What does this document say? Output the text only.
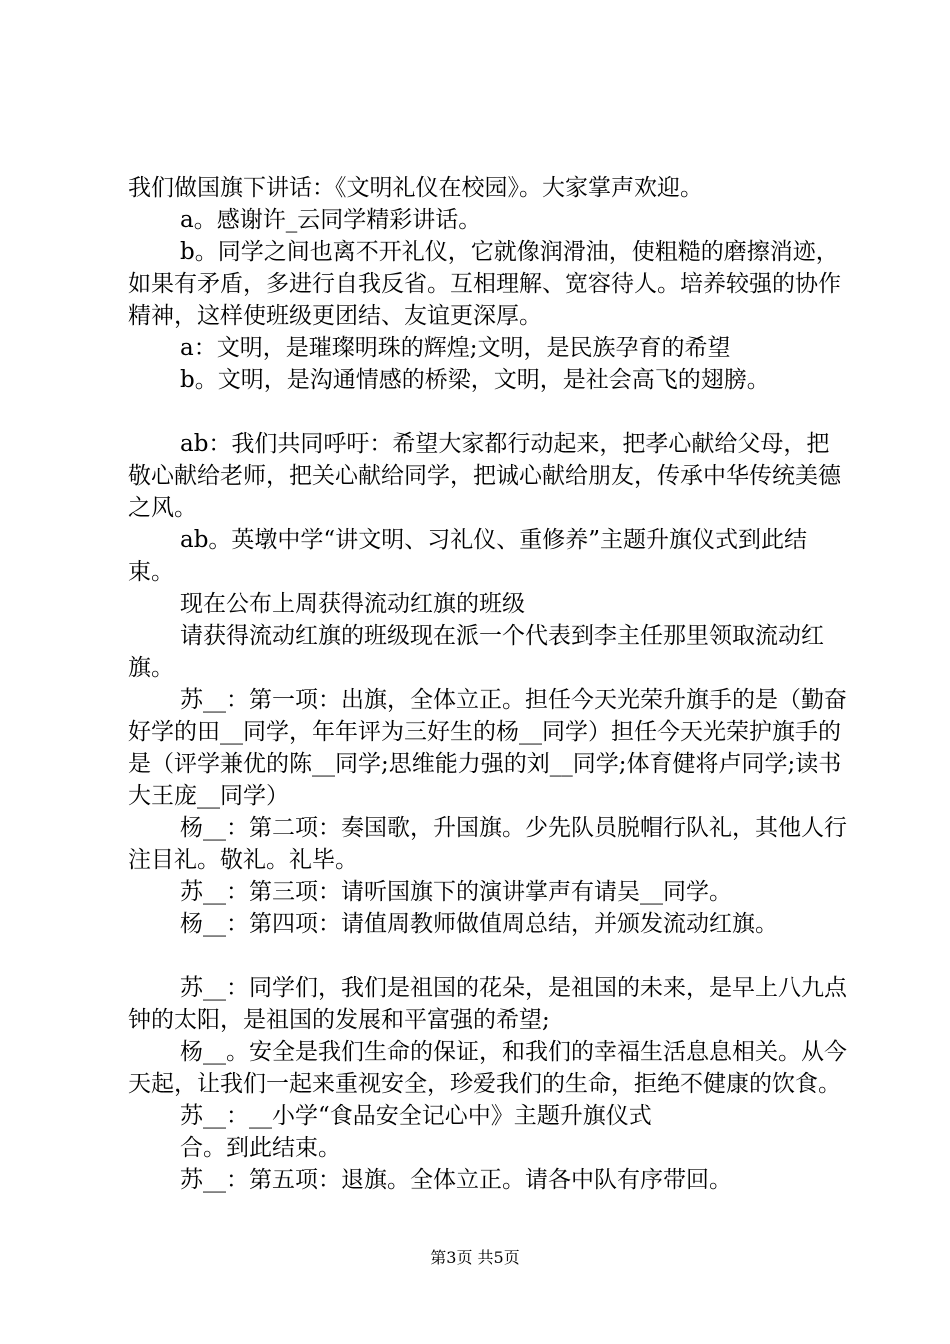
我们做国旗下讲话：《文明礼仪在校园》。大家掌声欢迎。

a。感谢许_云同学精彩讲话。

b。同学之间也离不开礼仪，它就像润滑油，使粗糙的磨擦消迹，如果有矛盾，多进行自我反省。互相理解、宽容待人。培养较强的协作精神，这样使班级更团结、友谊更深厚。

a：文明，是璀璨明珠的辉煌;文明，是民族孕育的希望

b。文明，是沟通情感的桥梁，文明，是社会高飞的翅膀。

ab：我们共同呼吁：希望大家都行动起来，把孝心献给父母，把敬心献给老师，把关心献给同学，把诚心献给朋友，传承中华传统美德之风。

ab。英墩中学“讲文明、习礼仪、重修养”主题升旗仪式到此结束。

现在公布上周获得流动红旗的班级

请获得流动红旗的班级现在派一个代表到李主任那里领取流动红旗。

苏__：第一项：出旗，全体立正。担任今天光荣升旗手的是（勤奋好学的田__同学，年年评为三好生的杨__同学）担任今天光荣护旗手的是（评学兼优的陈__同学;思维能力强的刘__同学;体育健将卢同学;读书大王庞__同学）

杨__：第二项：奏国歌，升国旗。少先队员脱帽行队礼，其他人行注目礼。敬礼。礼毕。

苏__：第三项：请听国旗下的演讲掌声有请吴__同学。

杨__：第四项：请值周教师做值周总结，并颁发流动红旗。

苏__：同学们，我们是祖国的花朵，是祖国的未来，是早上八九点钟的太阳，是祖国的发展和平富强的希望;

杨__。安全是我们生命的保证，和我们的幸福生活息息相关。从今天起，让我们一起来重视安全，珍爱我们的生命，拒绝不健康的饮食。

苏__：__小学“食品安全记心中》主题升旗仪式

合。到此结束。

苏__：第五项：退旗。全体立正。请各中队有序带回。

第3页 共5页
